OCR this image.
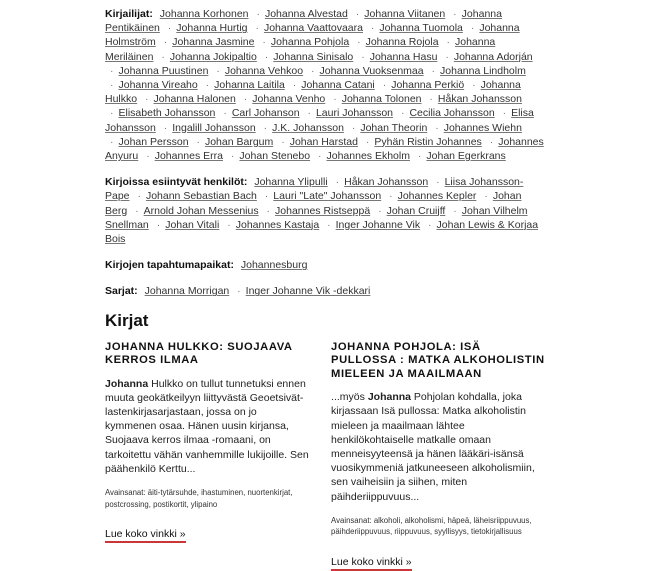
Kirjailijat: Johanna Korhonen · Johanna Alvestad · Johanna Viitanen · Johanna Pentikäinen · Johanna Hurtig · Johanna Vaattovaara · Johanna Tuomola · Johanna Holmström · Johanna Jasmine · Johanna Pohjola · Johanna Rojola · Johanna Meriläinen · Johanna Jokipaltio · Johanna Sinisalo · Johanna Hasu · Johanna Adorján · Johanna Puustinen · Johanna Vehkoo · Johanna Vuoksenmaa · Johanna Lindholm · Johanna Vireaho · Johanna Laitila · Johanna Catani · Johanna Perkiö · Johanna Hulkko · Johanna Halonen · Johanna Venho · Johanna Tolonen · Håkan Johansson · Elisabeth Johansson · Carl Johanson · Lauri Johansson · Cecilia Johansson · Elisa Johansson · Ingalill Johansson · J.K. Johansson · Johan Theorin · Johannes Wiehn · Johan Persson · Johan Bargum · Johan Harstad · Pyhän Ristin Johannes · Johannes Anyuru · Johannes Erra · Johan Stenebo · Johannes Ekholm · Johan Egerkrans
Kirjoissa esiintyvät henkilöt: Johanna Ylipulli · Håkan Johansson · Liisa Johansson-Pape · Johann Sebastian Bach · Lauri "Late" Johansson · Johannes Kepler · Johan Berg · Arnold Johan Messenius · Johannes Ristseppä · Johan Cruijff · Johan Vilhelm Snellman · Johan Vitali · Johannes Kastaja · Inger Johanne Vik · Johan Lewis & Korjaa Bois
Kirjojen tapahtumapaikat: Johannesburg
Sarjat: Johanna Morrigan · Inger Johanne Vik -dekkari
Kirjat
JOHANNA HULKKO: SUOJAAVA KERROS ILMAA

Johanna Hulkko on tullut tunnetuksi ennen muuta geokätkeilyyn liittyvästä Geoetsivät-lastenkirjasarjastaan, jossa on jo kymmenen osaa. Hänen uusin kirjansa, Suojaava kerros ilmaa -romaani, on tarkoitettu vähän vanhemmille lukijoille. Sen päähenkilö Kerttu...

Avainsanat: äiti-tytärsuhde, ihastuminen, nuortenkirjat, postcrossing, postikortit, ylipaino

Lue koko vinkki »
JOHANNA POHJOLA: ISÄ PULLOSSA : MATKA ALKOHOLISTIN MIELEEN JA MAAILMAAN

...myös Johanna Pohjolan kohdalla, joka kirjassaan Isä pullossa: Matka alkoholistin mieleen ja maailmaan lähtee henkilökohtaiselle matkalle omaan menneisyyteensä ja hänen lääkäri-isänsä vuosikymmeniä jatkuneeseen alkoholismiin, sen vaiheisiin ja siihen, miten päihderiippuvuus...

Avainsanat: alkoholi, alkoholismi, häpeä, läheisriippuvuus, päihderiippuvuus, riippuvuus, syyllisyys, tietokirjallisuus

Lue koko vinkki »
